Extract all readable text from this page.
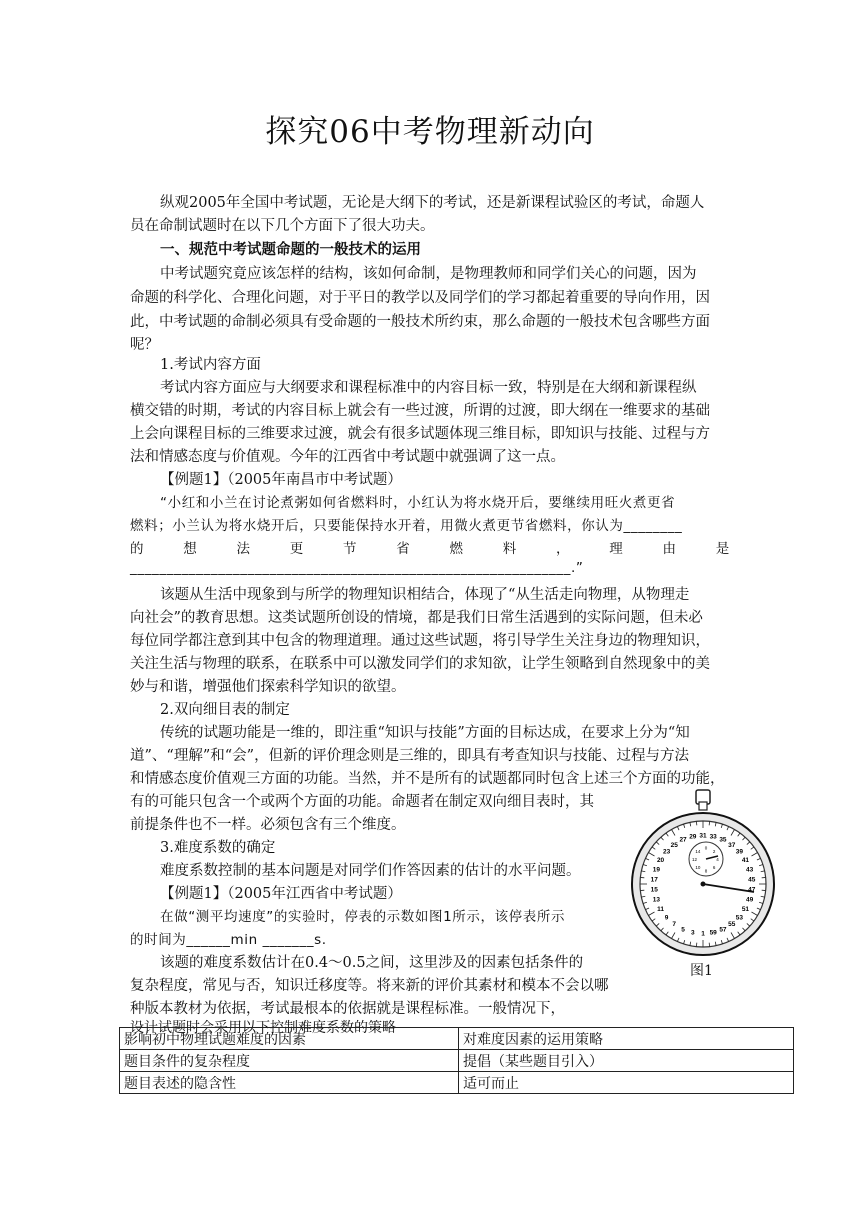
探究06中考物理新动向
纵观2005年全国中考试题，无论是大纲下的考试，还是新课程试验区的考试，命题人
员在命制试题时在以下几个方面下了很大功夫。
一、规范中考试题命题的一般技术的运用
中考试题究竟应该怎样的结构，该如何命制，是物理教师和同学们关心的问题，因为
命题的科学化、合理化问题，对于平日的教学以及同学们的学习都起着重要的导向作用，因
此，中考试题的命制必须具有受命题的一般技术所约束，那么命题的一般技术包含哪些方面
呢？
1.考试内容方面
考试内容方面应与大纲要求和课程标准中的内容目标一致，特别是在大纲和新课程纵
横交错的时期，考试的内容目标上就会有一些过渡，所谓的过渡，即大纲在一维要求的基础
上会向课程目标的三维要求过渡，就会有很多试题体现三维目标，即知识与技能、过程与方
法和情感态度与价值观。今年的江西省中考试题中就强调了这一点。
【例题1】（2005年南昌市中考试题）
“小红和小兰在讨论煮粥如何省燃料时，小红认为将水烧开后，要继续用旺火煮更省
燃料；小兰认为将水烧开后，只要能保持水开着，用微火煮更节省燃料，你认为________
的	想	法	更	节	省	燃	料	，	理	由	是
____________________________________________________________.”
该题从生活中现象到与所学的物理知识相结合，体现了“从生活走向物理，从物理走
向社会”的教育思想。这类试题所创设的情境，都是我们日常生活遇到的实际问题，但未必
每位同学都注意到其中包含的物理道理。通过这些试题，将引导学生关注身边的物理知识，
关注生活与物理的联系，在联系中可以激发同学们的求知欲，让学生领略到自然现象中的美
妙与和谐，增强他们探索科学知识的欲望。
2.双向细目表的制定
传统的试题功能是一维的，即注重“知识与技能”方面的目标达成，在要求上分为“知
道”、“理解”和“会”，但新的评价理念则是三维的，即具有考查知识与技能、过程与方法
和情感态度价值观三方面的功能。当然，并不是所有的试题都同时包含上述三个方面的功能，
有的可能只包含一个或两个方面的功能。命题者在制定双向细目表时，其
前提条件也不一样。必须包含有三个维度。
3.难度系数的确定
难度系数控制的基本问题是对同学们作答因素的估计的水平问题。
【例题1】（2005年江西省中考试题）
在做“测平均速度”的实验时，停表的示数如图1所示，该停表所示
的时间为______min _______s.
该题的难度系数估计在0.4～0.5之间，这里涉及的因素包括条件的
复杂程度，常见与否，知识迁移度等。将来新的评价其素材和模本不会以哪
种版本教材为依据，考试最根本的依据就是课程标准。一般情况下，
设计试题时会采用以下控制难度系数的策略
31 33 35
37
39
41
43
45
47
49
51
53
55
57
59
1
3
5
7
9
11
13
15
17
19
20
23
25
27 29
0
2
4
6
8
10
12
14
图1
影响初中物理试题难度的因素	对难度因素的运用策略
题目条件的复杂程度	提倡（某些题目引入）
题目表述的隐含性	适可而止
